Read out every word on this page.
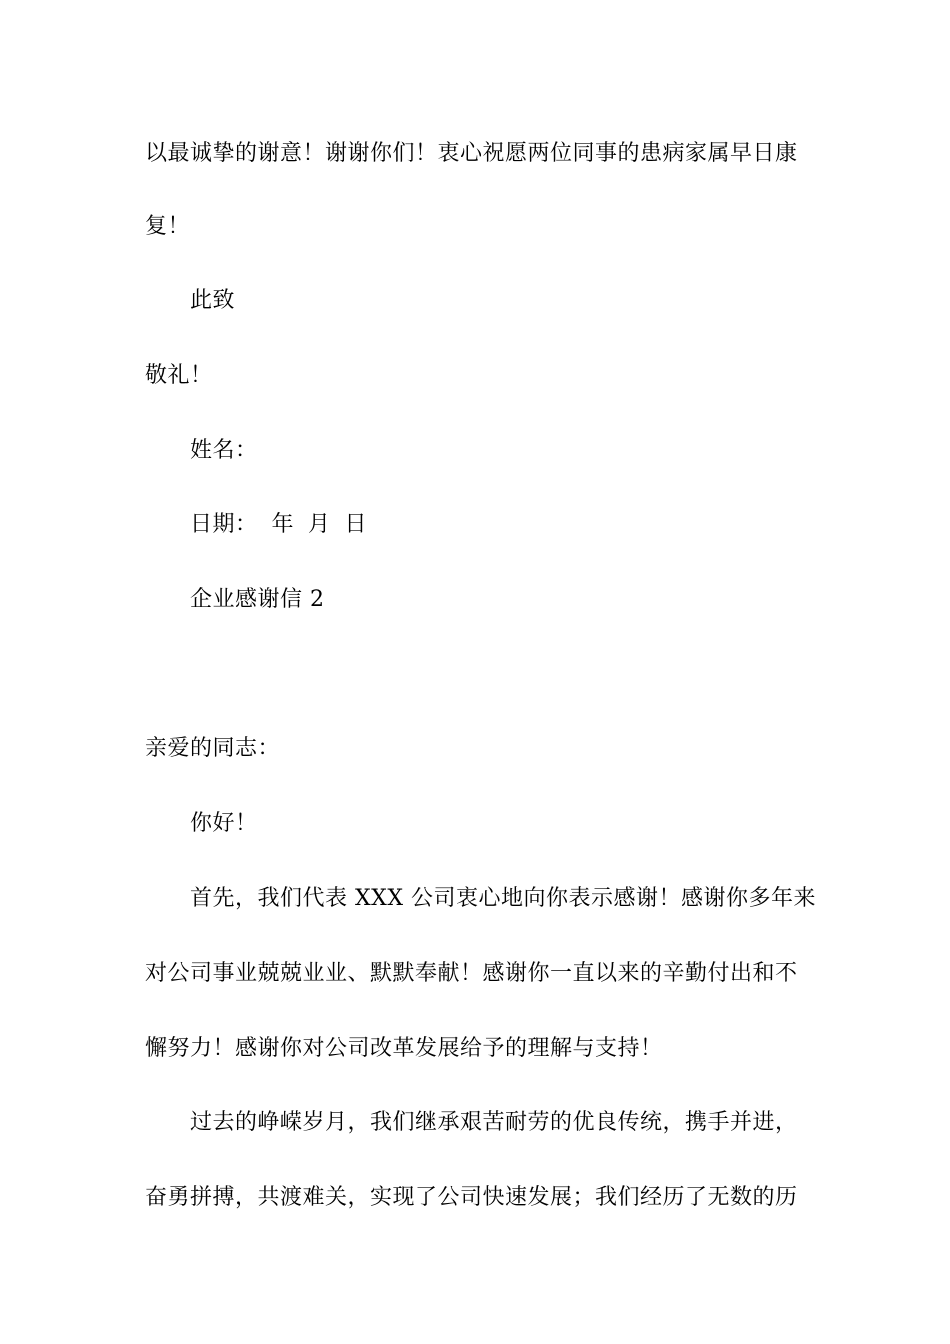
以最诚挚的谢意！谢谢你们！衷心祝愿两位同事的患病家属早日康
复！
此致
敬礼！
姓名：
日期： 年 月 日
企业感谢信 2
亲爱的同志：
你好！
首先，我们代表 XXX 公司衷心地向你表示感谢！感谢你多年来
对公司事业兢兢业业、默默奉献！感谢你一直以来的辛勤付出和不
懈努力！感谢你对公司改革发展给予的理解与支持！
过去的峥嵘岁月，我们继承艰苦耐劳的优良传统，携手并进，
奋勇拼搏，共渡难关，实现了公司快速发展；我们经历了无数的历
